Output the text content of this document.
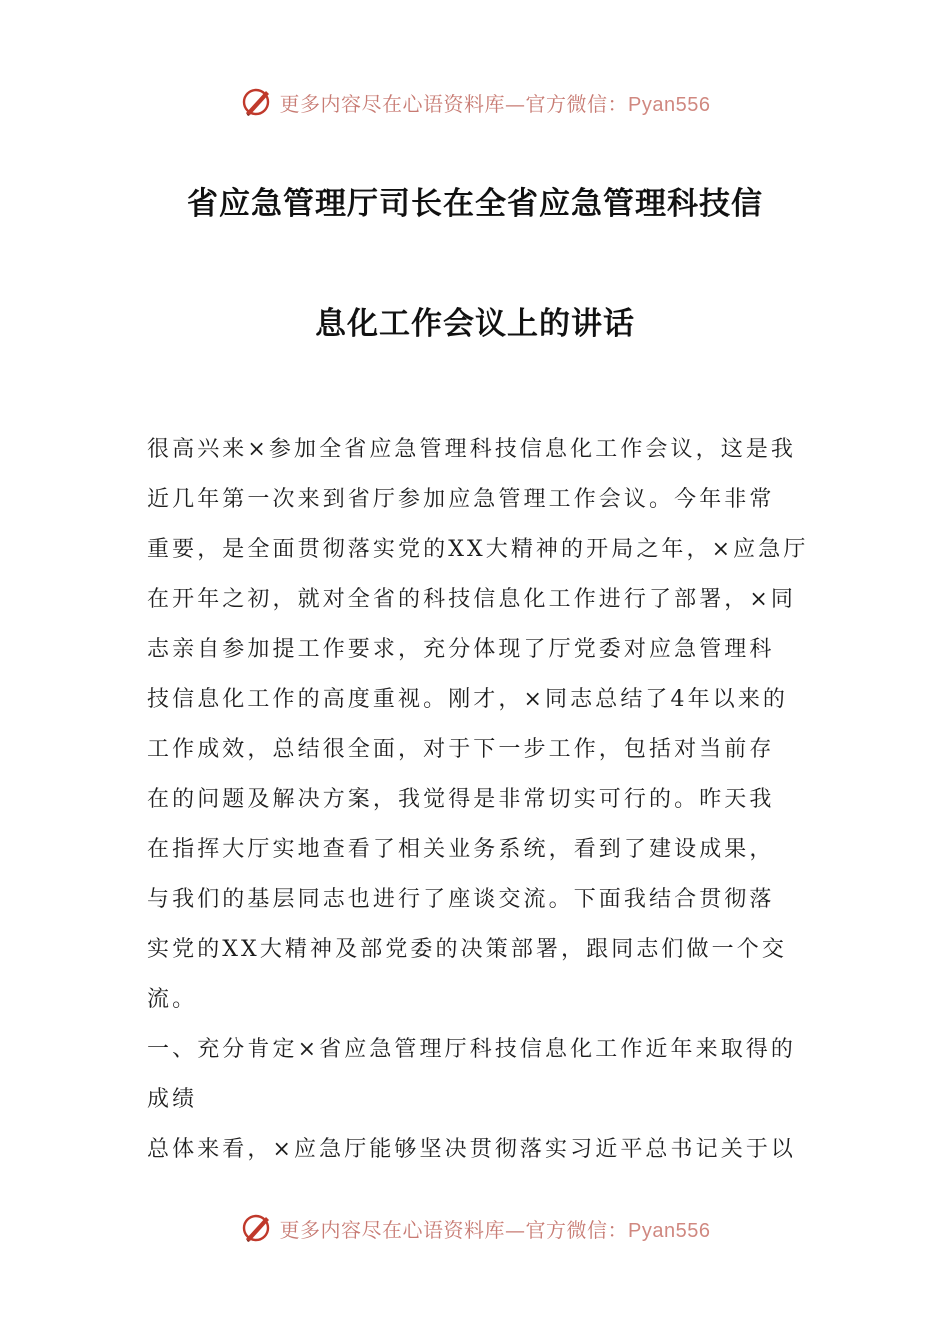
更多内容尽在心语资料库—官方微信：Pyan556
省应急管理厅司长在全省应急管理科技信
息化工作会议上的讲话
很高兴来×参加全省应急管理科技信息化工作会议，这是我
近几年第一次来到省厅参加应急管理工作会议。今年非常
重要，是全面贯彻落实党的XX大精神的开局之年，×应急厅
在开年之初，就对全省的科技信息化工作进行了部署，×同
志亲自参加提工作要求，充分体现了厅党委对应急管理科
技信息化工作的高度重视。刚才，×同志总结了4年以来的
工作成效，总结很全面，对于下一步工作，包括对当前存
在的问题及解决方案，我觉得是非常切实可行的。昨天我
在指挥大厅实地查看了相关业务系统，看到了建设成果，
与我们的基层同志也进行了座谈交流。下面我结合贯彻落
实党的XX大精神及部党委的决策部署，跟同志们做一个交
流。
一、充分肯定×省应急管理厅科技信息化工作近年来取得的
成绩
总体来看，×应急厅能够坚决贯彻落实习近平总书记关于以
更多内容尽在心语资料库—官方微信：Pyan556
